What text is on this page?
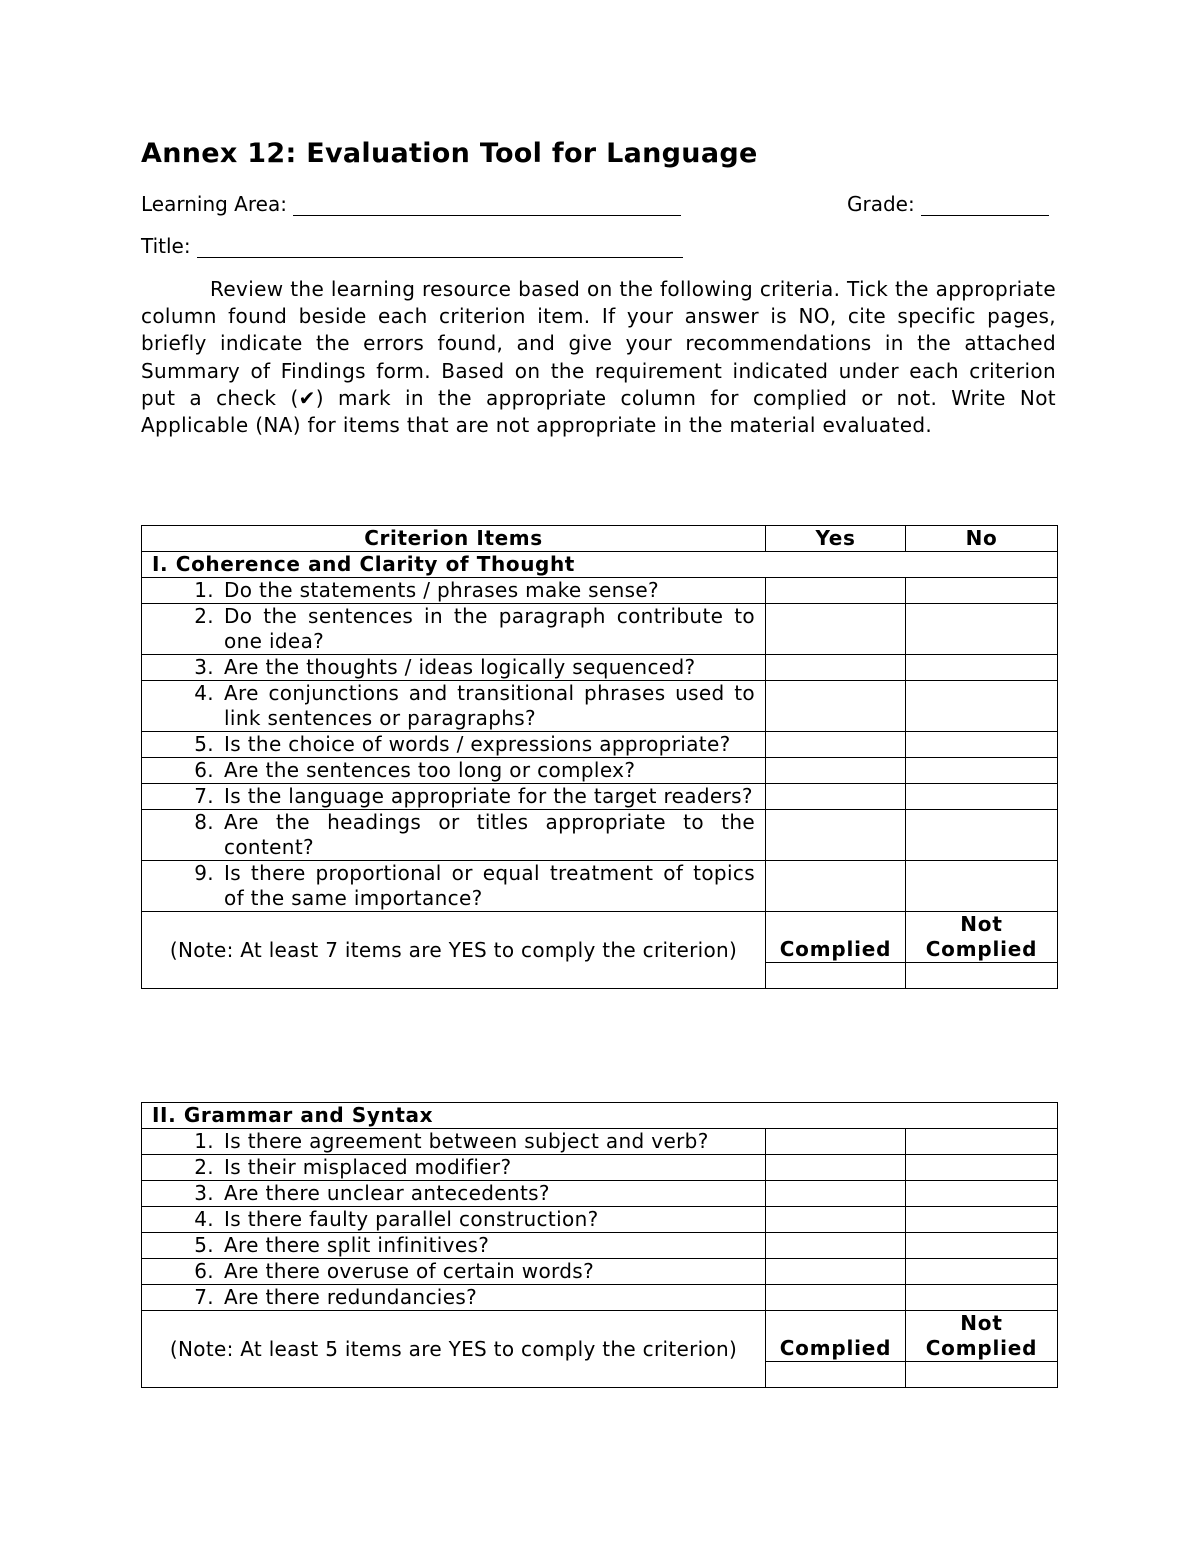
Annex 12: Evaluation Tool for Language
Learning Area:	Grade:
Title:

Review the learning resource based on the following criteria. Tick the appropriate column found beside each criterion item. If your answer is NO, cite specific pages, briefly indicate the errors found, and give your recommendations in the attached Summary of Findings form. Based on the requirement indicated under each criterion put a check (✔) mark in the appropriate column for complied or not. Write Not Applicable (NA) for items that are not appropriate in the material evaluated.

Criterion Items	Yes	No
I. Coherence and Clarity of Thought		

1. Do the statements / phrases make sense?		

2. Do the sentences in the paragraph contribute to one idea?		

3. Are the thoughts / ideas logically sequenced?		

4. Are conjunctions and transitional phrases used to link sentences or paragraphs?		

5. Is the choice of words / expressions appropriate?		

6. Are the sentences too long or complex?		

7. Is the language appropriate for the target readers?		

8. Are the headings or titles appropriate to the content?		

9. Is there proportional or equal treatment of topics of the same importance?		

(Note: At least 7 items are YES to comply the criterion)	Complied	Not Complied

II. Grammar and Syntax		

1. Is there agreement between subject and verb?		

2. Is their misplaced modifier?		

3. Are there unclear antecedents?		

4. Is there faulty parallel construction?		

5. Are there split infinitives?		

6. Are there overuse of certain words?		

7. Are there redundancies?		

(Note: At least 5 items are YES to comply the criterion)	Complied	Not Complied
